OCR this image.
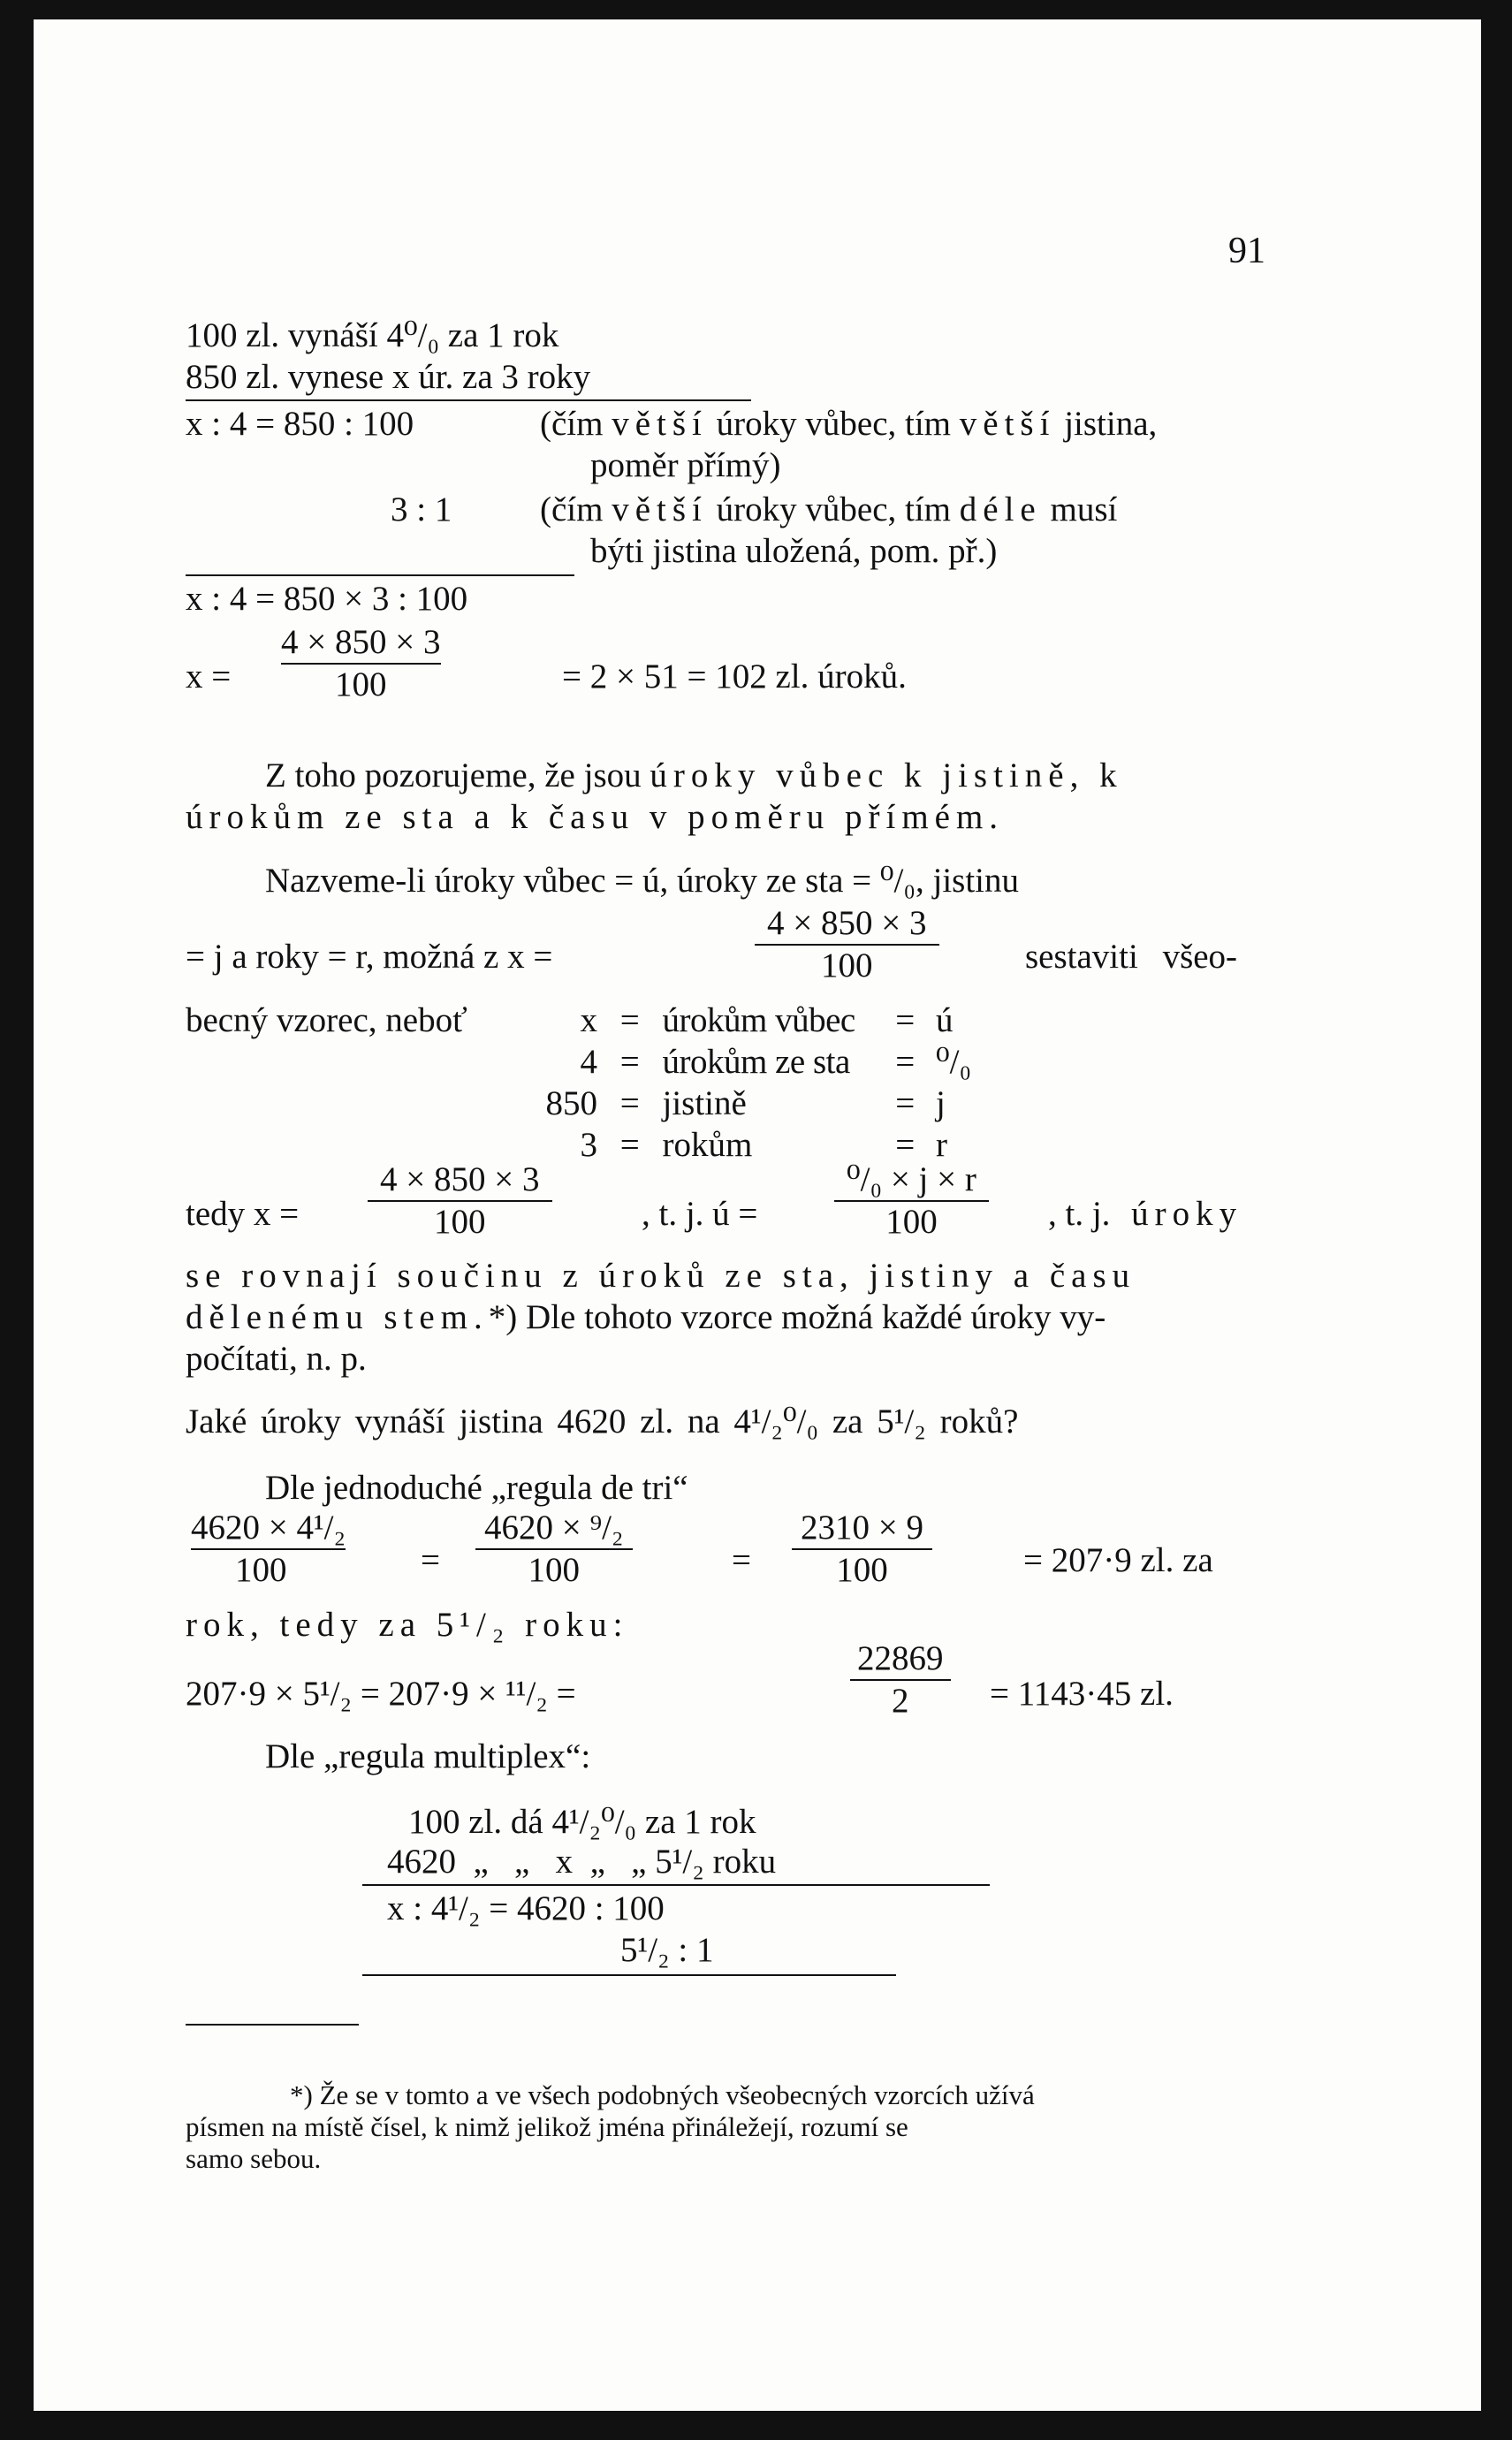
91
100 zl. vynáší 4⁰/₀ za 1 rok
850 zl. vynese x úr. za 3 roky
x : 4 = 850 : 100	(čím větší úroky vůbec, tím větší jistina,
poměr přímý)
3 : 1	(čím větší úroky vůbec, tím déle musí
býti jistina uložená, pom. př.)
x : 4 = 850 × 3 : 100
x =
4 × 850 × 3
100	= 2 × 51 = 102 zl. úroků.
Z toho pozorujeme, že jsou úroky vůbec k jistině, k
úrokům ze sta a k času v poměru přímém.
Nazveme-li úroky vůbec = ú, úroky ze sta = ⁰/₀, jistinu
= j a roky = r, možná z x =
4 × 850 × 3
100	sestaviti všeo-
becný vzorec, neboť	x = úrokům vůbec = ú
4 = úrokům ze sta = ⁰/₀
850 = jistině	= j
3 = rokům	= r
tedy x =
4 × 850 × 3
100	, t. j. ú =
⁰/₀ × j × r
100	, t. j. úroky
se rovnají součinu z úroků ze sta, jistiny a času
dělenému stem.*) Dle tohoto vzorce možná každé úroky vy-
počítati, n. p.
Jaké úroky vynáší jistina 4620 zl. na 4¹/₂⁰/₀ za 5¹/₂ roků?
Dle jednoduché „regula de tri“
4620 × 4¹/₂
100	=
4620 × ⁹/₂
100	=
2310 × 9
100	= 207·9 zl. za
rok, tedy za 5¹/₂ roku:
207·9 × 5¹/₂ = 207·9 × ¹¹/₂ =
22869
2 = 1143·45 zl.
Dle „regula multiplex“:
100 zl. dá 4¹/₂⁰/₀ za 1 rok
4620  „   „   x  „   „ 5¹/₂ roku
x : 4¹/₂ = 4620 : 100
5¹/₂ : 1
*) Že se v tomto a ve všech podobných všeobecných vzorcích užívá
písmen na místě čísel, k nimž jelikož jména přináležejí, rozumí se
samo sebou.
